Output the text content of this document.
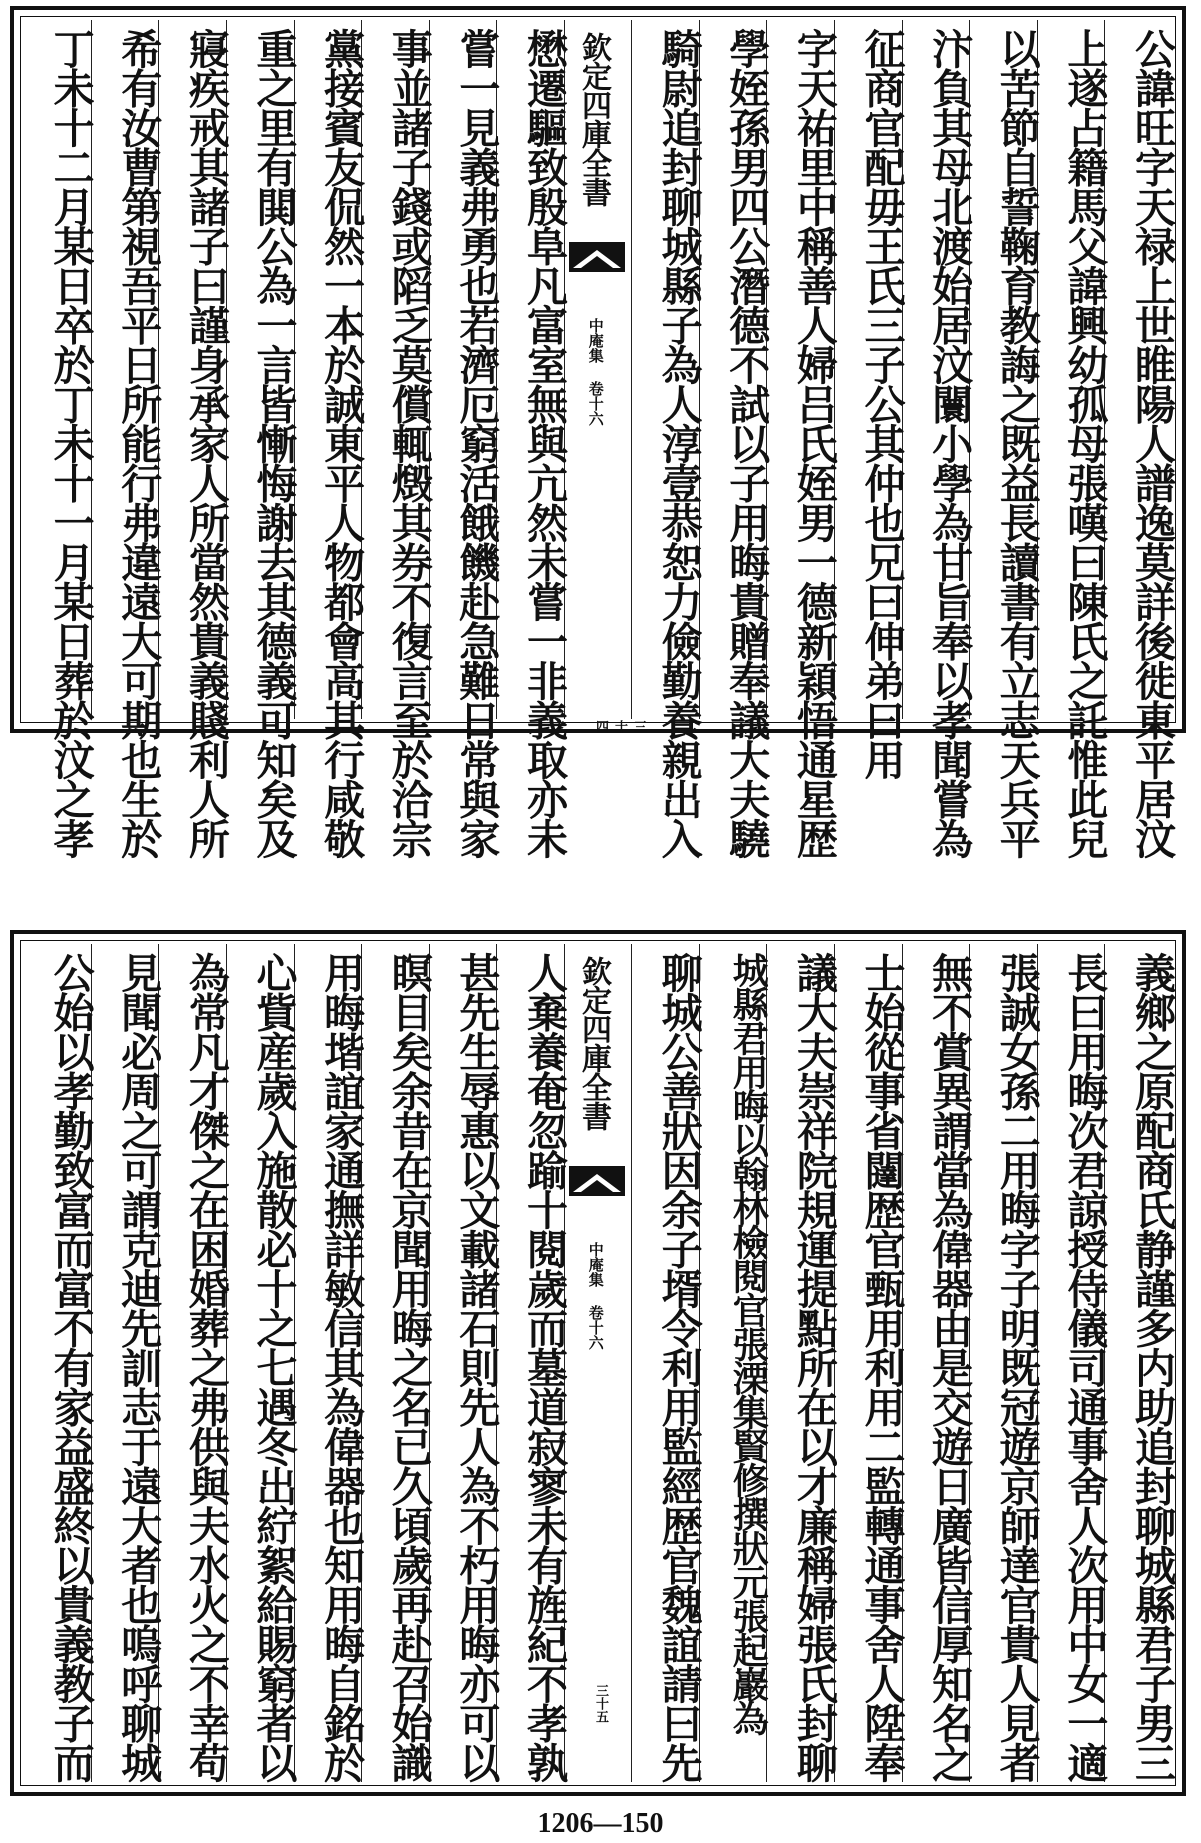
公諱旺字天禄上世睢陽人譜逸莫詳後徙東平居汶
上遂占籍馬父諱興幼孤母張嘆曰陳氏之託惟此兒
以苦節自誓鞠育教誨之既益長讀書有立志天兵平
汴負其母北渡始居汶闤小學為甘旨奉以孝聞嘗為
征商官配毋王氏三子公其仲也兄曰伸弟曰用
字天祐里中稱善人婦吕氏姪男一德新穎悟通星歴
學姪孫男四公潛德不試以子用晦貴贈奉議大夫驍
騎尉追封聊城縣子為人淳壹恭恕力儉勤養親出入
欽定四庫全書
中庵集 卷十六
三十四
懋遷驅致殷阜凡富室無與亢然未嘗一非義取亦未
嘗一見義弗勇也若濟厄窮活餓饑赴急難日常與家
事並諸子錢或䧟乏莫償輒燬其券不復言至於洽宗
黨接賓友侃然一本於誠東平人物都會高其行咸敬
重之里有閧公為一言皆慚悔謝去其德義可知矣及
寢疾戒其諸子曰謹身承家人所當然貴義賤利人所
希有汝曹第視吾平日所能行弗違遠大可期也生於
丁未十二月某日卒於丁未十一月某日葬於汶之孝
義鄉之原配商氏静謹多内助追封聊城縣君子男三
長曰用晦次君諒授侍儀司通事舍人次用中女一適
張誠女孫二用晦字子明既冠遊京師達官貴人見者
無不賞異謂當為偉器由是交遊日廣皆信厚知名之
士始從事省闥歴官甄用利用二監轉通事舍人陞奉
議大夫崇祥院規運提點所在以才廉稱婦張氏封聊
城縣君用晦以翰林檢閱官張溧集賢修撰狀元張起巖為
聊城公善狀因余子壻令利用監經歴官魏誼請曰先
欽定四庫全書
中庵集 卷十六
三十五
人棄養奄忽踰十閱歲而墓道寂寥未有旌紀不孝孰
甚先生辱惠以文載諸石則先人為不朽用晦亦可以
瞑目矣余昔在京聞用晦之名已久頃歲再赴召始識
用晦堦誼家通撫詳敏信其為偉器也知用晦自銘於
心貲産歲入施散必十之七遇冬出紵絮給賜窮者以
為常凡才傑之在困婚葬之弗供與夫水火之不幸苟
見聞必周之可謂克迪先訓志于遠大者也嗚呼聊城
公始以孝勤致富而富不有家益盛終以貴義教子而
1206—150
